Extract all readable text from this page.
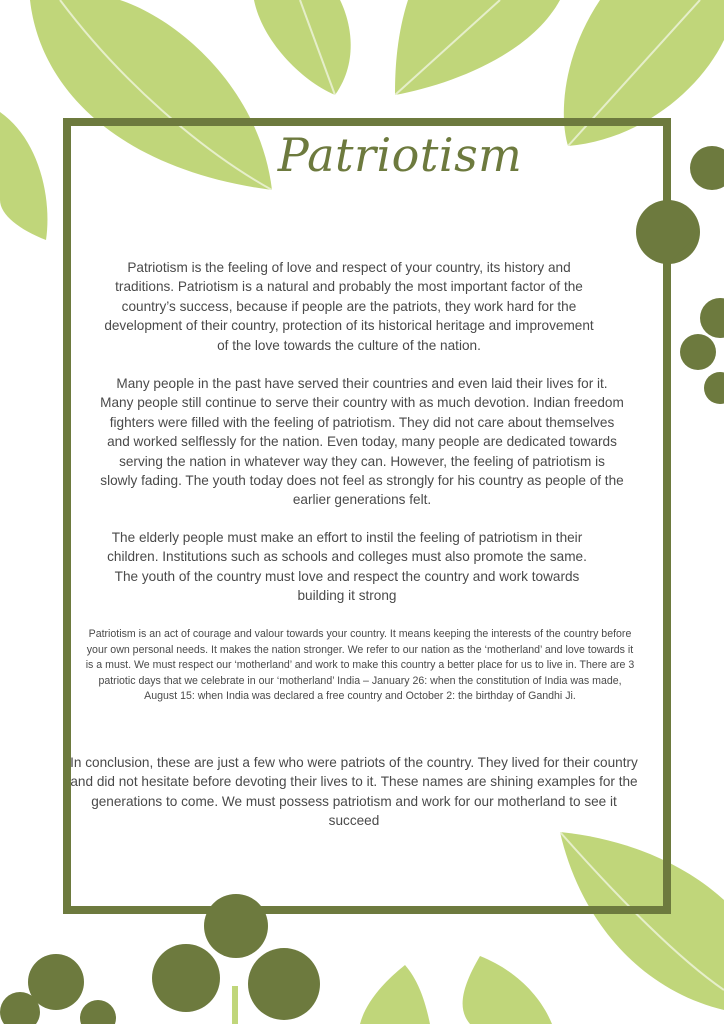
Patriotism

Patriotism is the feeling of love and respect of your country, its history and traditions. Patriotism is a natural and probably the most important factor of the country’s success, because if people are the patriots, they work hard for the development of their country, protection of its historical heritage and improvement of the love towards the culture of the nation.

Many people in the past have served their countries and even laid their lives for it. Many people still continue to serve their country with as much devotion. Indian freedom fighters were filled with the feeling of patriotism. They did not care about themselves and worked selflessly for the nation. Even today, many people are dedicated towards serving the nation in whatever way they can. However, the feeling of patriotism is slowly fading. The youth today does not feel as strongly for his country as people of the earlier generations felt.

The elderly people must make an effort to instil the feeling of patriotism in their children. Institutions such as schools and colleges must also promote the same. The youth of the country must love and respect the country and work towards building it strong

Patriotism is an act of courage and valour towards your country. It means keeping the interests of the country before your own personal needs. It makes the nation stronger. We refer to our nation as the ‘motherland’ and love towards it is a must. We must respect our ‘motherland’ and work to make this country a better place for us to live in. There are 3 patriotic days that we celebrate in our ‘motherland’ India – January 26: when the constitution of India was made, August 15: when India was declared a free country and October 2: the birthday of Gandhi Ji.

In conclusion, these are just a few who were patriots of the country. They lived for their country and did not hesitate before devoting their lives to it. These names are shining examples for the generations to come. We must possess patriotism and work for our motherland to see it succeed
